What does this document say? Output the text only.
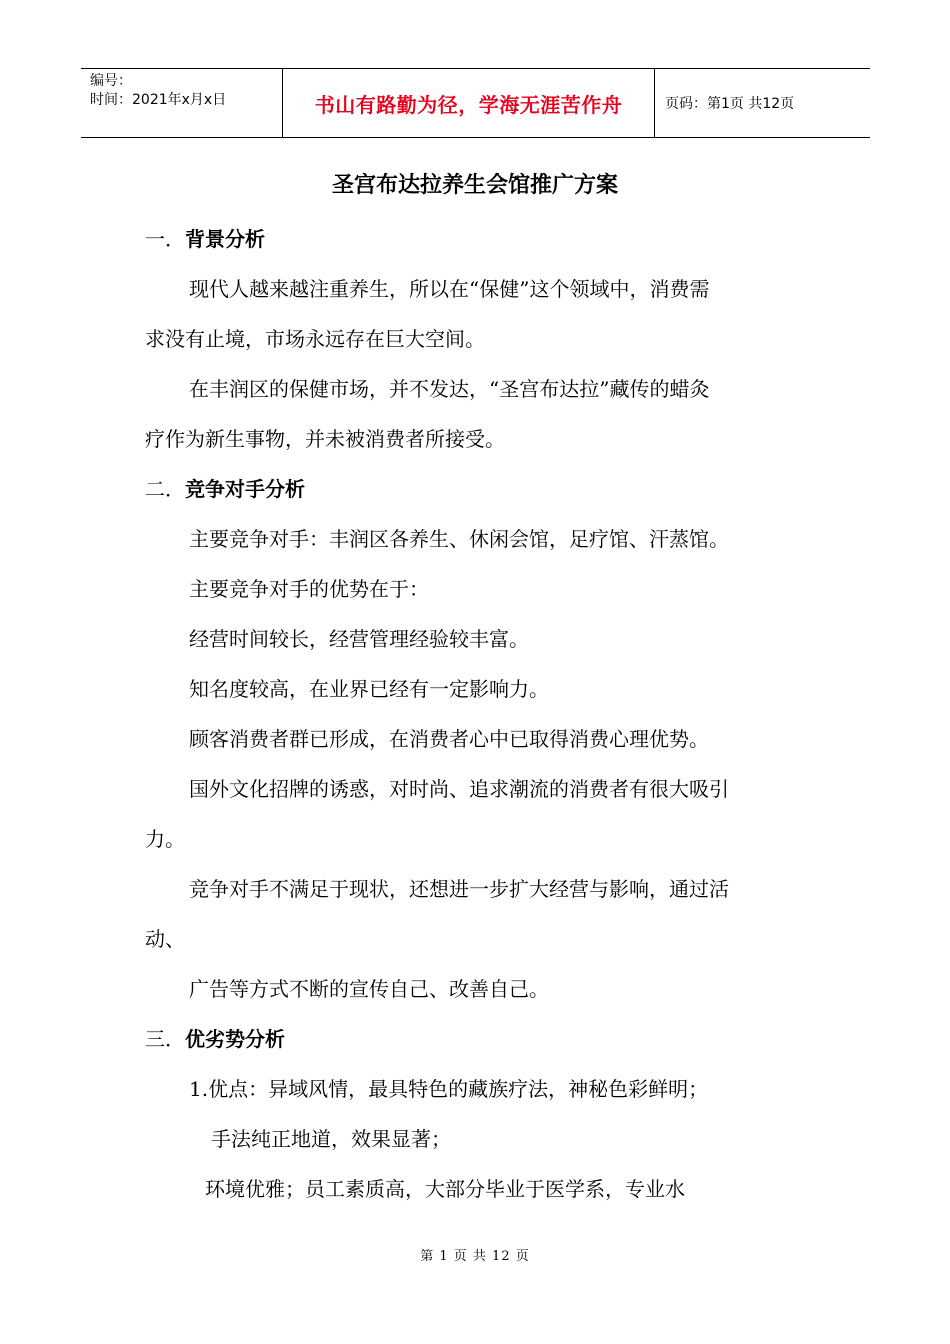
编号：
时间：2021年x月x日	书山有路勤为径，学海无涯苦作舟	页码：第1页 共12页
圣宫布达拉养生会馆推广方案
一．背景分析
现代人越来越注重养生，所以在“保健”这个领域中，消费需
求没有止境，市场永远存在巨大空间。
在丰润区的保健市场，并不发达，“圣宫布达拉”藏传的蜡灸
疗作为新生事物，并未被消费者所接受。
二．竞争对手分析
主要竞争对手：丰润区各养生、休闲会馆，足疗馆、汗蒸馆。
主要竞争对手的优势在于：
经营时间较长，经营管理经验较丰富。
知名度较高，在业界已经有一定影响力。
顾客消费者群已形成，在消费者心中已取得消费心理优势。
国外文化招牌的诱惑，对时尚、追求潮流的消费者有很大吸引
力。
竞争对手不满足于现状，还想进一步扩大经营与影响，通过活
动、
广告等方式不断的宣传自己、改善自己。
三．优劣势分析
1.优点：异域风情，最具特色的藏族疗法，神秘色彩鲜明；
手法纯正地道，效果显著；
环境优雅；员工素质高，大部分毕业于医学系，专业水
第 1 页 共 12 页
